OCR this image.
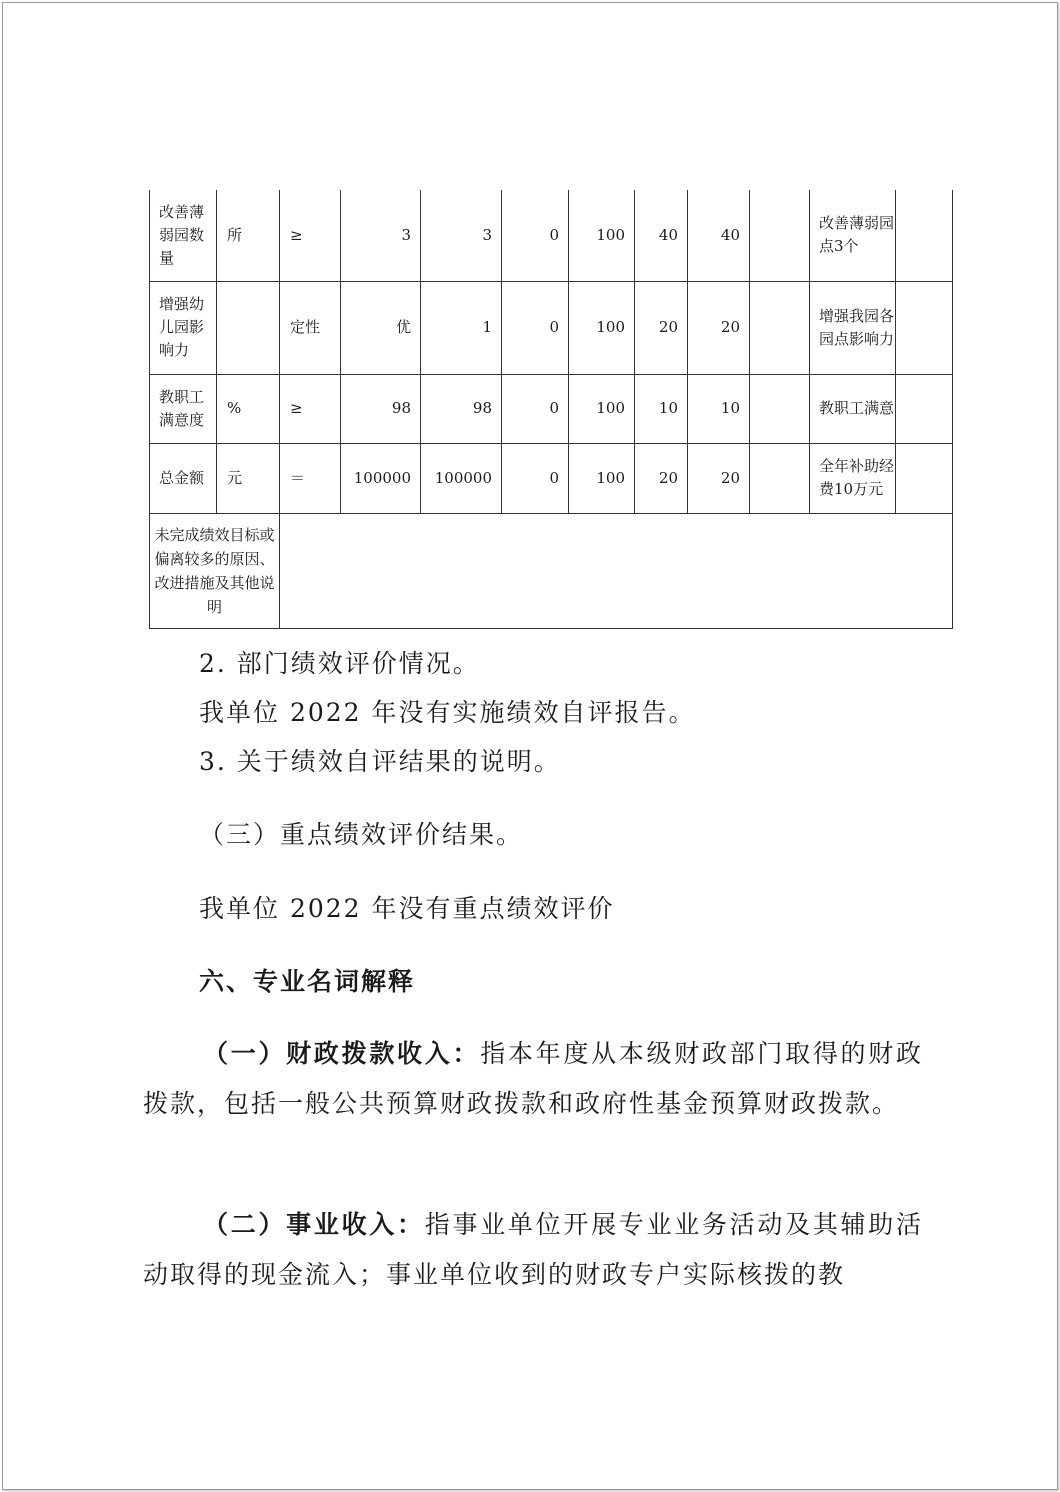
改善薄弱园数量	所	≥	3	3	0	100	40	40		改善薄弱园点3个	
增强幼儿园影响力		定性	优	1	0	100	20	20		增强我园各园点影响力	
教职工满意度	%	≥	98	98	0	100	10	10		教职工满意	
总金额	元	＝	100000	100000	0	100	20	20		全年补助经费10万元	
未完成绩效目标或偏离较多的原因、改进措施及其他说明											
2. 部门绩效评价情况。
我单位 2022 年没有实施绩效自评报告。
3. 关于绩效自评结果的说明。
（三）重点绩效评价结果。
我单位 2022 年没有重点绩效评价
六、专业名词解释
（一）财政拨款收入：指本年度从本级财政部门取得的财政拨款，包括一般公共预算财政拨款和政府性基金预算财政拨款。
（二）事业收入：指事业单位开展专业业务活动及其辅助活动取得的现金流入；事业单位收到的财政专户实际核拨的教
